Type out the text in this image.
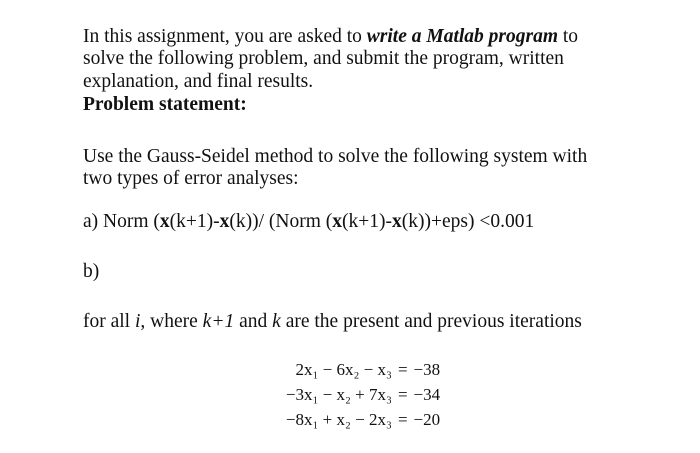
In this assignment, you are asked to write a Matlab program to
solve the following problem, and submit the program, written
explanation, and final results.
Problem statement:
Use the Gauss-Seidel method to solve the following system with
two types of error analyses:
a) Norm (x(k+1)-x(k))/ (Norm (x(k+1)-x(k))+eps) <0.001
b)
for all i, where k+1 and k are the present and previous iterations
2x₁ − 6x₂ − x₃ = −38
−3x₁ − x₂ + 7x₃ = −34
−8x₁ + x₂ − 2x₃ = −20
